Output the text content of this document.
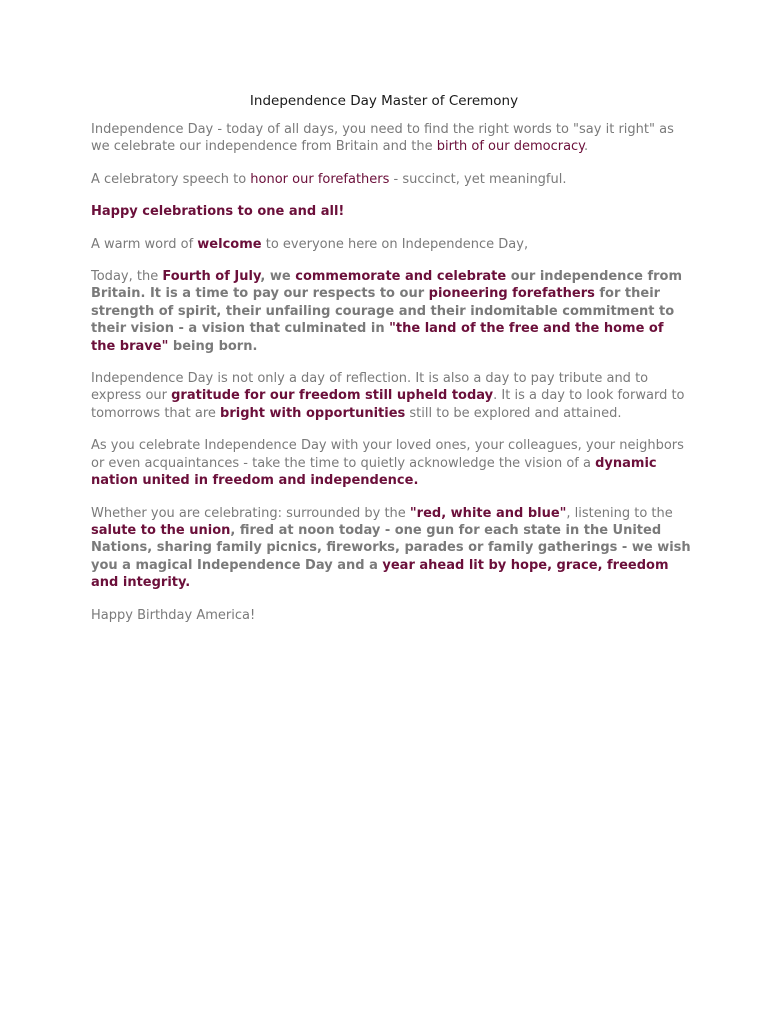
Independence Day Master of Ceremony

Independence Day - today of all days, you need to find the right words to "say it right" as we celebrate our independence from Britain and the birth of our democracy.

A celebratory speech to honor our forefathers - succinct, yet meaningful.

Happy celebrations to one and all!

A warm word of welcome to everyone here on Independence Day,

Today, the Fourth of July, we commemorate and celebrate our independence from Britain. It is a time to pay our respects to our pioneering forefathers for their strength of spirit, their unfailing courage and their indomitable commitment to their vision - a vision that culminated in "the land of the free and the home of the brave" being born.

Independence Day is not only a day of reflection. It is also a day to pay tribute and to express our gratitude for our freedom still upheld today. It is a day to look forward to tomorrows that are bright with opportunities still to be explored and attained.

As you celebrate Independence Day with your loved ones, your colleagues, your neighbors or even acquaintances - take the time to quietly acknowledge the vision of a dynamic nation united in freedom and independence.

Whether you are celebrating: surrounded by the "red, white and blue", listening to the salute to the union, fired at noon today - one gun for each state in the United Nations, sharing family picnics, fireworks, parades or family gatherings - we wish you a magical Independence Day and a year ahead lit by hope, grace, freedom and integrity.

Happy Birthday America!
